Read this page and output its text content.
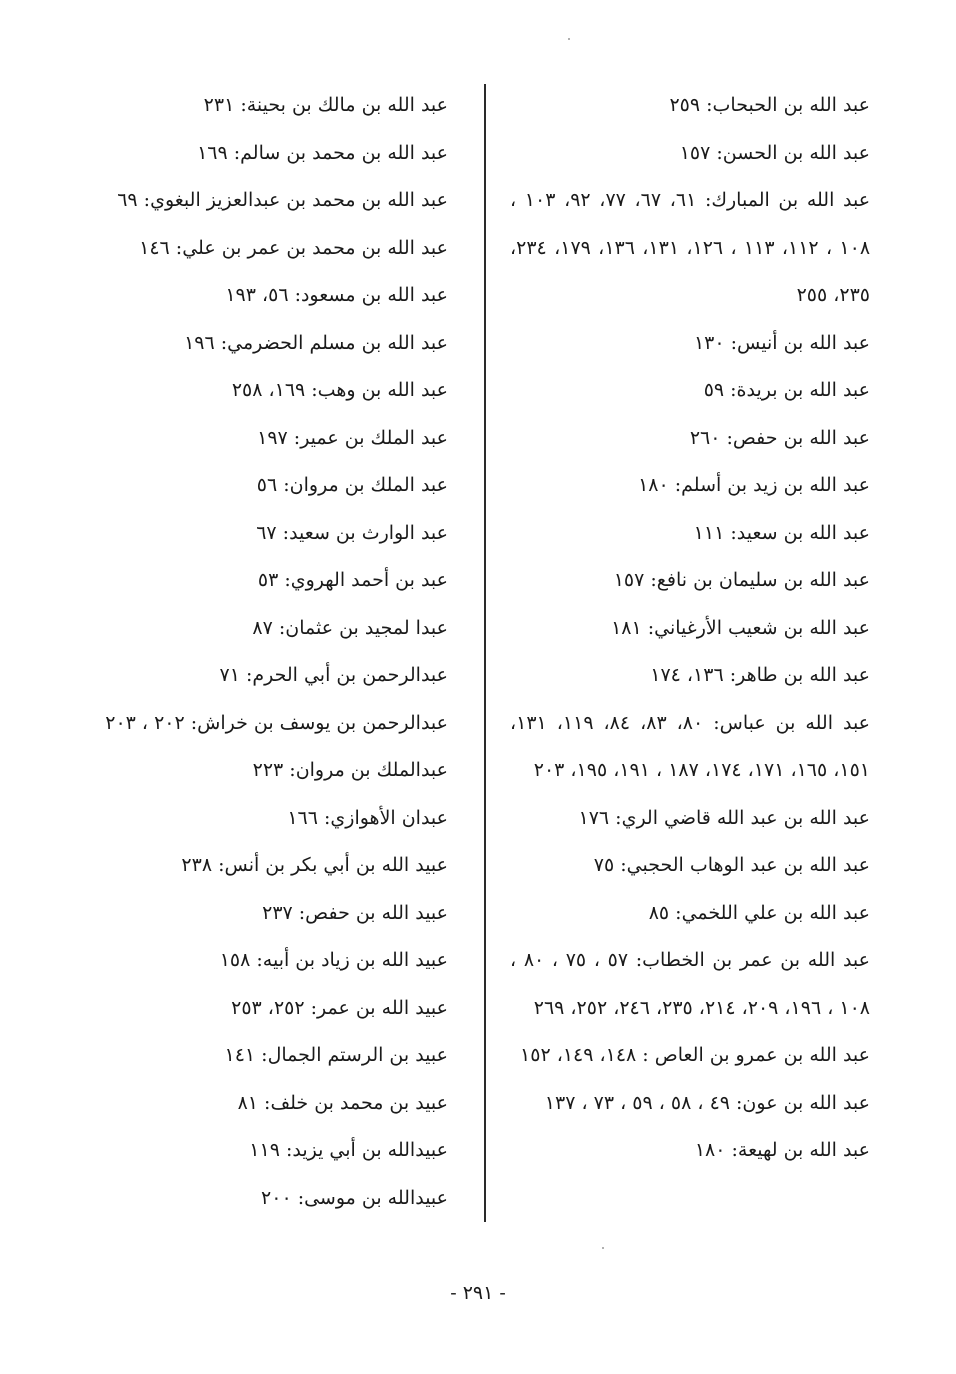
عبد الله بن الحبحاب: ٢٥٩

عبد الله بن الحسن: ١٥٧

عبد الله بن المبارك: ٦١، ٦٧، ٧٧، ٩٢، ١٠٣ ، ١٠٨ ، ١١٢، ١١٣ ، ١٢٦، ١٣١، ١٣٦، ١٧٩، ٢٣٤، ٢٣٥، ٢٥٥

عبد الله بن أنيس: ١٣٠

عبد الله بن بريدة: ٥٩

عبد الله بن حفص: ٢٦٠

عبد الله بن زيد بن أسلم: ١٨٠

عبد الله بن سعيد: ١١١

عبد الله بن سليمان بن نافع: ١٥٧

عبد الله بن شعيب الأرغياني: ١٨١

عبد الله بن طاهر: ١٣٦، ١٧٤

عبد الله بن عباس: ٨٠، ٨٣، ٨٤، ١١٩، ١٣١، ١٥١، ١٦٥، ١٧١، ١٧٤، ١٨٧ ، ١٩١، ١٩٥، ٢٠٣

عبد الله بن عبد الله قاضي الري: ١٧٦

عبد الله بن عبد الوهاب الحجبي: ٧٥

عبد الله بن علي اللخمي: ٨٥

عبد الله بن عمر بن الخطاب: ٥٧ ، ٧٥ ، ٨٠ ، ١٠٨ ، ١٩٦، ٢٠٩، ٢١٤، ٢٣٥، ٢٤٦، ٢٥٢، ٢٦٩

عبد الله بن عمرو بن العاص : ١٤٨، ١٤٩، ١٥٢

عبد الله بن عون: ٤٩ ، ٥٨ ، ٥٩ ، ٧٣ ، ١٣٧

عبد الله بن لهيعة: ١٨٠

عبد الله بن مالك بن بحينة: ٢٣١

عبد الله بن محمد بن سالم: ١٦٩

عبد الله بن محمد بن عبدالعزيز البغوي: ٦٩

عبد الله بن محمد بن عمر بن علي: ١٤٦

عبد الله بن مسعود: ٥٦، ١٩٣

عبد الله بن مسلم الحضرمي: ١٩٦

عبد الله بن وهب: ١٦٩، ٢٥٨

عبد الملك بن عمير: ١٩٧

عبد الملك بن مروان: ٥٦

عبد الوارث بن سعيد: ٦٧

عبد بن أحمد الهروي: ٥٣

عبدا لمجيد بن عثمان: ٨٧

عبدالرحمن بن أبي الحرم: ٧١

عبدالرحمن بن يوسف بن خراش: ٢٠٢ ، ٢٠٣

عبدالملك بن مروان: ٢٢٣

عبدان الأهوازي: ١٦٦

عبيد الله بن أبي بكر بن أنس: ٢٣٨

عبيد الله بن حفص: ٢٣٧

عبيد الله بن زياد بن أبيه: ١٥٨

عبيد الله بن عمر: ٢٥٢، ٢٥٣

عبيد بن الرستم الجمال: ١٤١

عبيد بن محمد بن خلف: ٨١

عبيدالله بن أبي يزيد: ١١٩

عبيدالله بن موسى: ٢٠٠

- ٢٩١ -
